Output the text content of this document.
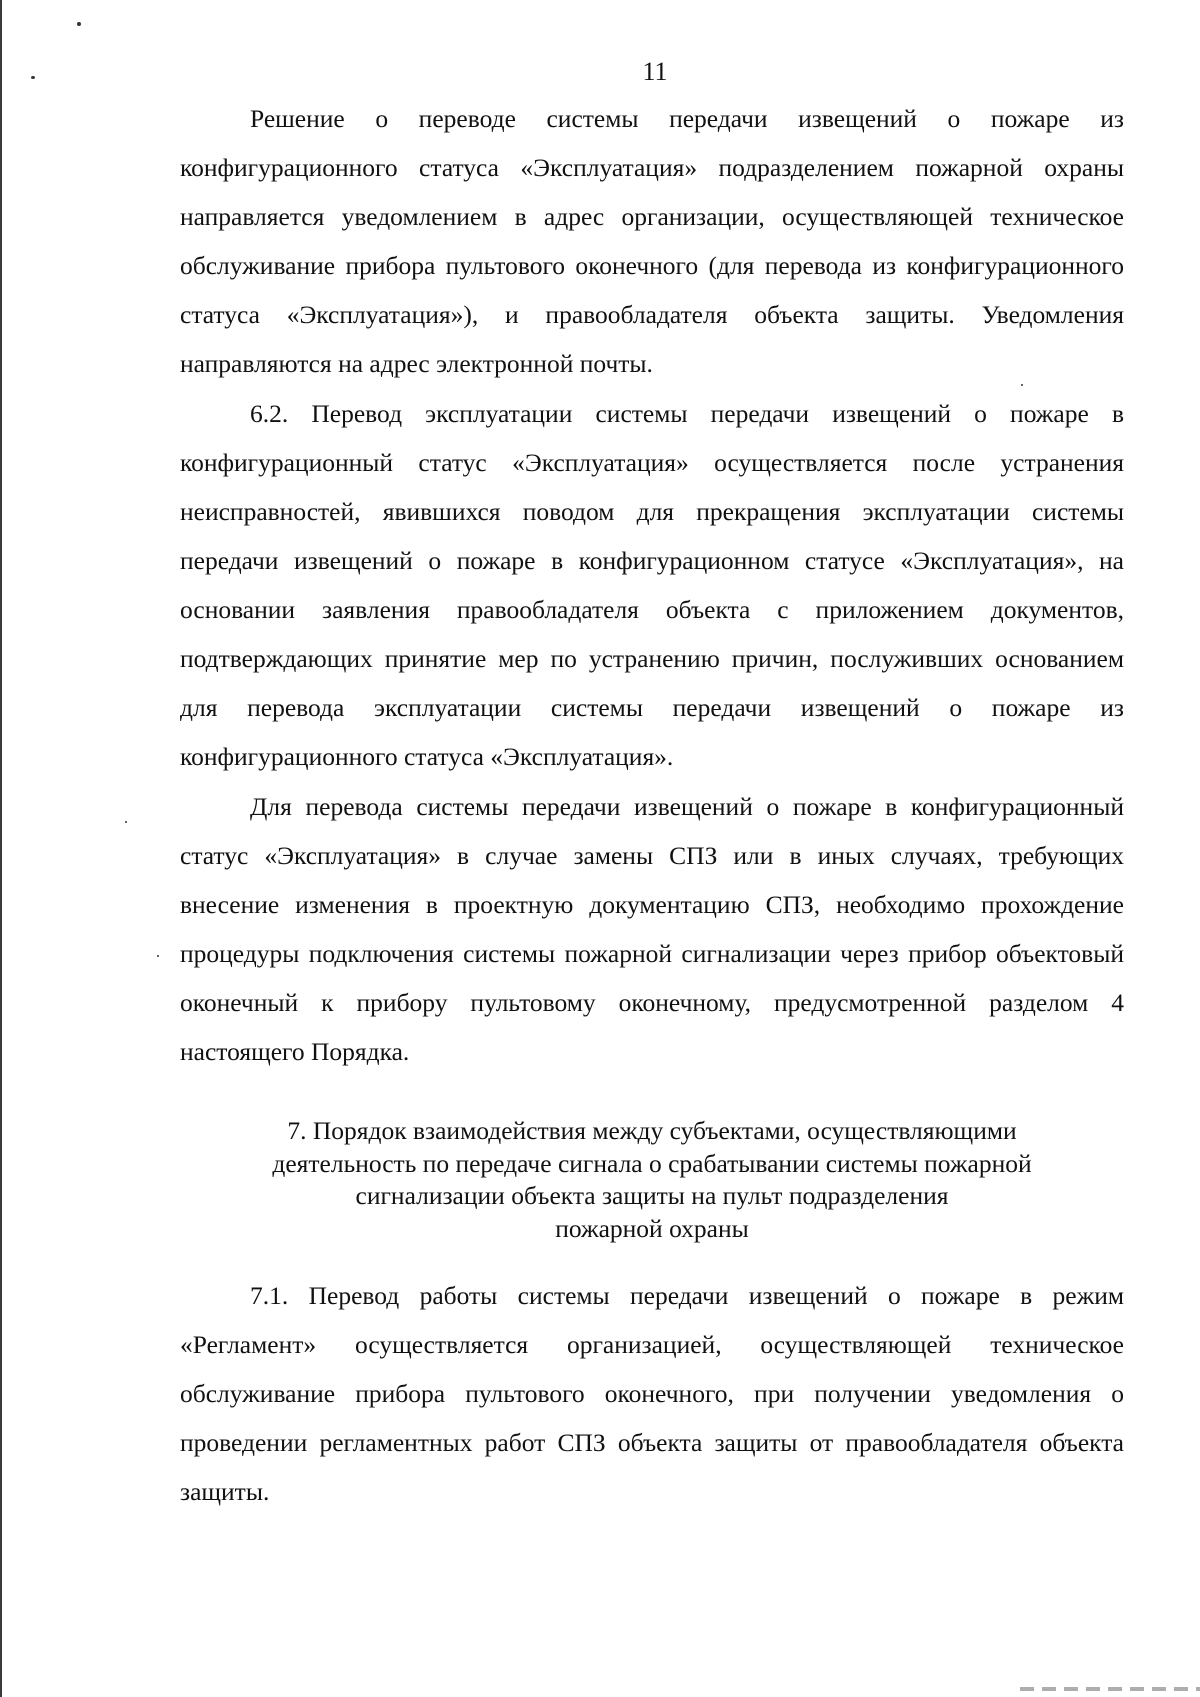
11

Решение о переводе системы передачи извещений о пожаре из конфигурационного статуса «Эксплуатация» подразделением пожарной охраны направляется уведомлением в адрес организации, осуществляющей техническое обслуживание прибора пультового оконечного (для перевода из конфигурационного статуса «Эксплуатация»), и правообладателя объекта защиты. Уведомления направляются на адрес электронной почты.

6.2. Перевод эксплуатации системы передачи извещений о пожаре в конфигурационный статус «Эксплуатация» осуществляется после устранения неисправностей, явившихся поводом для прекращения эксплуатации системы передачи извещений о пожаре в конфигурационном статусе «Эксплуатация», на основании заявления правообладателя объекта с приложением документов, подтверждающих принятие мер по устранению причин, послуживших основанием для перевода эксплуатации системы передачи извещений о пожаре из конфигурационного статуса «Эксплуатация».

Для перевода системы передачи извещений о пожаре в конфигурационный статус «Эксплуатация» в случае замены СПЗ или в иных случаях, требующих внесение изменения в проектную документацию СПЗ, необходимо прохождение процедуры подключения системы пожарной сигнализации через прибор объектовый оконечный к прибору пультовому оконечному, предусмотренной разделом 4 настоящего Порядка.

7. Порядок взаимодействия между субъектами, осуществляющими
деятельность по передаче сигнала о срабатывании системы пожарной
сигнализации объекта защиты на пульт подразделения
пожарной охраны

7.1. Перевод работы системы передачи извещений о пожаре в режим «Регламент» осуществляется организацией, осуществляющей техническое обслуживание прибора пультового оконечного, при получении уведомления о проведении регламентных работ СПЗ объекта защиты от правообладателя объекта защиты.
